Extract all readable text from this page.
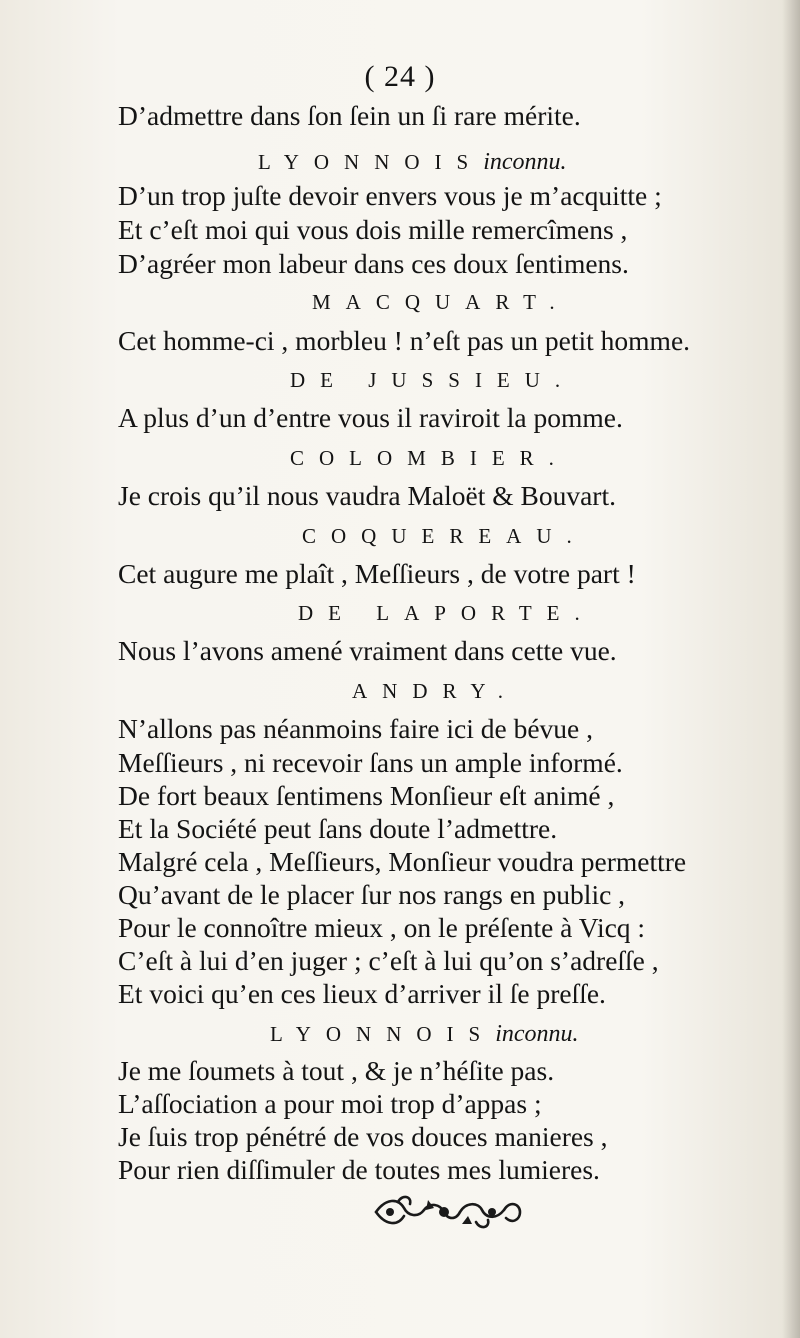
( 24 )
D’admettre dans ſon ſein un ſi rare mérite.
LYONNOISinconnu.
D’un trop juſte devoir envers vous je m’acquitte ;
Et c’eſt moi qui vous dois mille remercîmens ,
D’agréer mon labeur dans ces doux ſentimens.
MACQUART.
Cet homme-ci , morbleu ! n’eſt pas un petit homme.
DE JUSSIEU.
A plus d’un d’entre vous il raviroit la pomme.
COLOMBIER.
Je crois qu’il nous vaudra Maloët & Bouvart.
COQUEREAU.
Cet augure me plaît , Meſſieurs , de votre part !
DE LAPORTE.
Nous l’avons amené vraiment dans cette vue.
ANDRY.
N’allons pas néanmoins faire ici de bévue ,
Meſſieurs , ni recevoir ſans un ample informé.
De fort beaux ſentimens Monſieur eſt animé ,
Et la Société peut ſans doute l’admettre.
Malgré cela , Meſſieurs, Monſieur voudra permettre
Qu’avant de le placer ſur nos rangs en public ,
Pour le connoître mieux , on le préſente à Vicq :
C’eſt à lui d’en juger ; c’eſt à lui qu’on s’adreſſe ,
Et voici qu’en ces lieux d’arriver il ſe preſſe.
LYONNOISinconnu.
Je me ſoumets à tout , & je n’héſite pas.
L’aſſociation a pour moi trop d’appas ;
Je ſuis trop pénétré de vos douces manieres ,
Pour rien diſſimuler de toutes mes lumieres.
